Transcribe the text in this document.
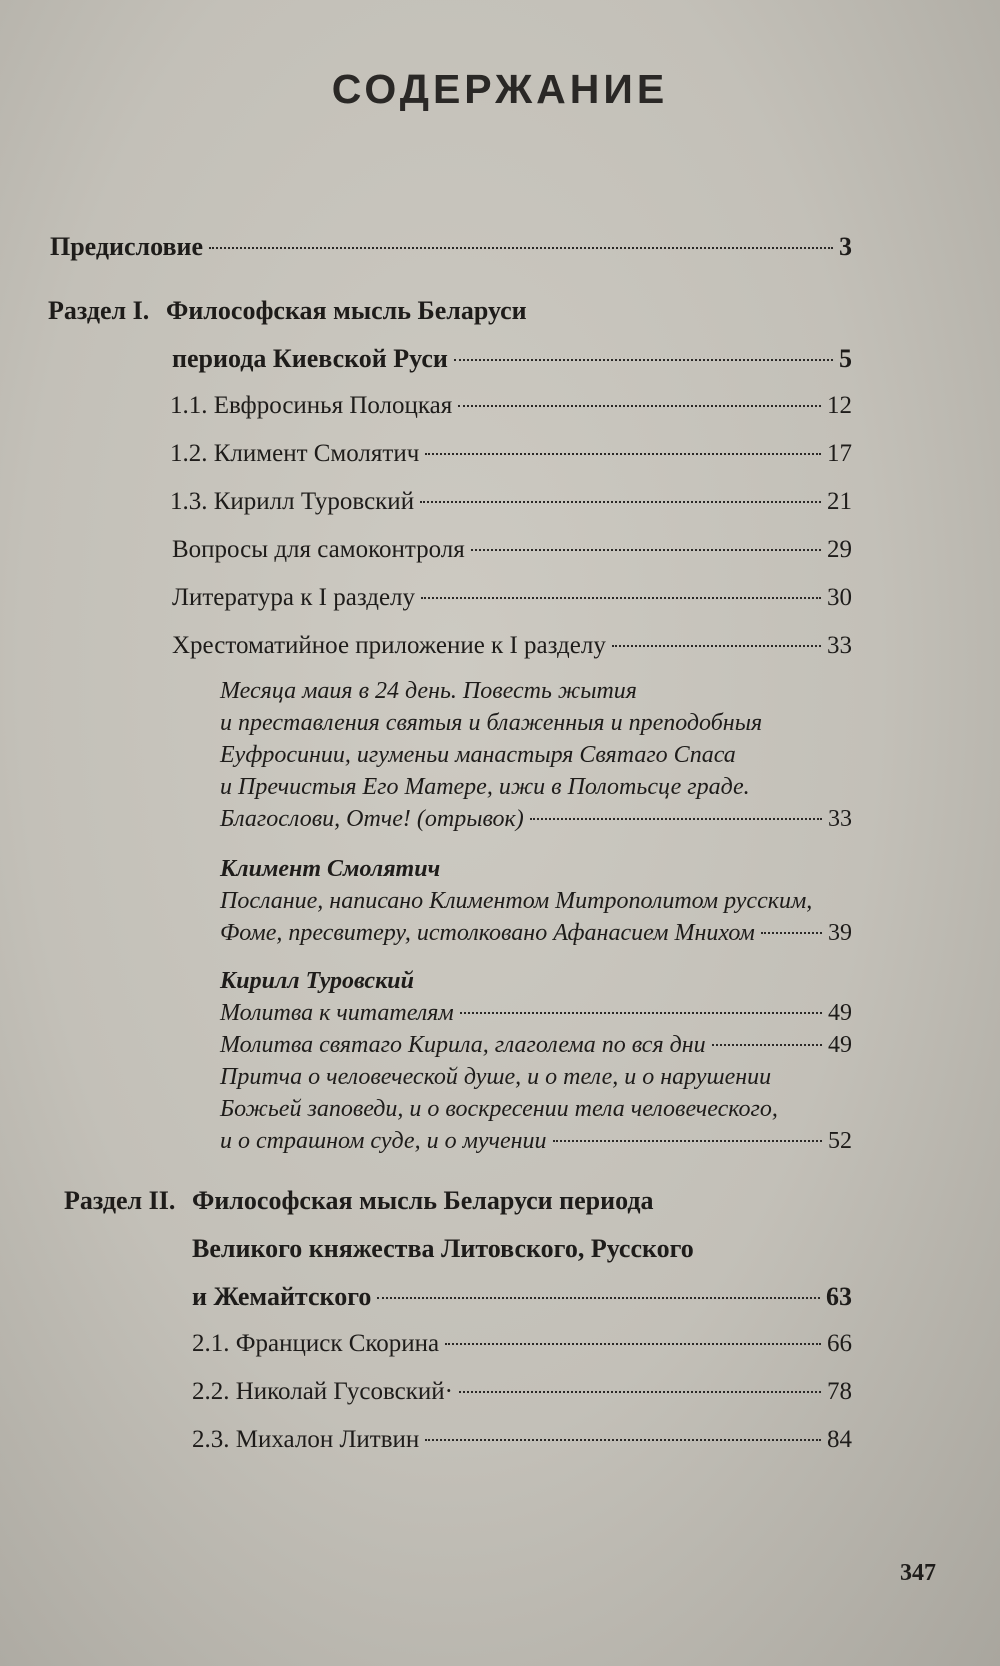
СОДЕРЖАНИЕ
Предисловие	3
Раздел I. Философская мысль Беларуси
периода Киевской Руси	5
1.1. Евфросинья Полоцкая	12
1.2. Климент Смолятич	17
1.3. Кирилл Туровский	21
Вопросы для самоконтроля	29
Литература к I разделу	30
Хрестоматийное приложение к I разделу	33
Месяца маия в 24 день. Повесть жытия
и преставления святыя и блаженныя и преподобныя
Еуфросинии, игуменьи манастыря Святаго Спаса
и Пречистыя Его Матере, ижи в Полотьсце граде.
Благослови, Отче! (отрывок)	33
Климент Смолятич
Послание, написано Климентом Митрополитом русским,
Фоме, пресвитеру, истолковано Афанасием Мнихом	39
Кирилл Туровский
Молитва к читателям	49
Молитва святаго Кирила, глаголема по вся дни	49
Притча о человеческой душе, и о теле, и о нарушении
Божьей заповеди, и о воскресении тела человеческого,
и о страшном суде, и о мучении	52
Раздел II. Философская мысль Беларуси периода
Великого княжества Литовского, Русского
и Жемайтского	63
2.1. Франциск Скорина	66
2.2. Николай Гусовский·	78
2.3. Михалон Литвин	84
347
